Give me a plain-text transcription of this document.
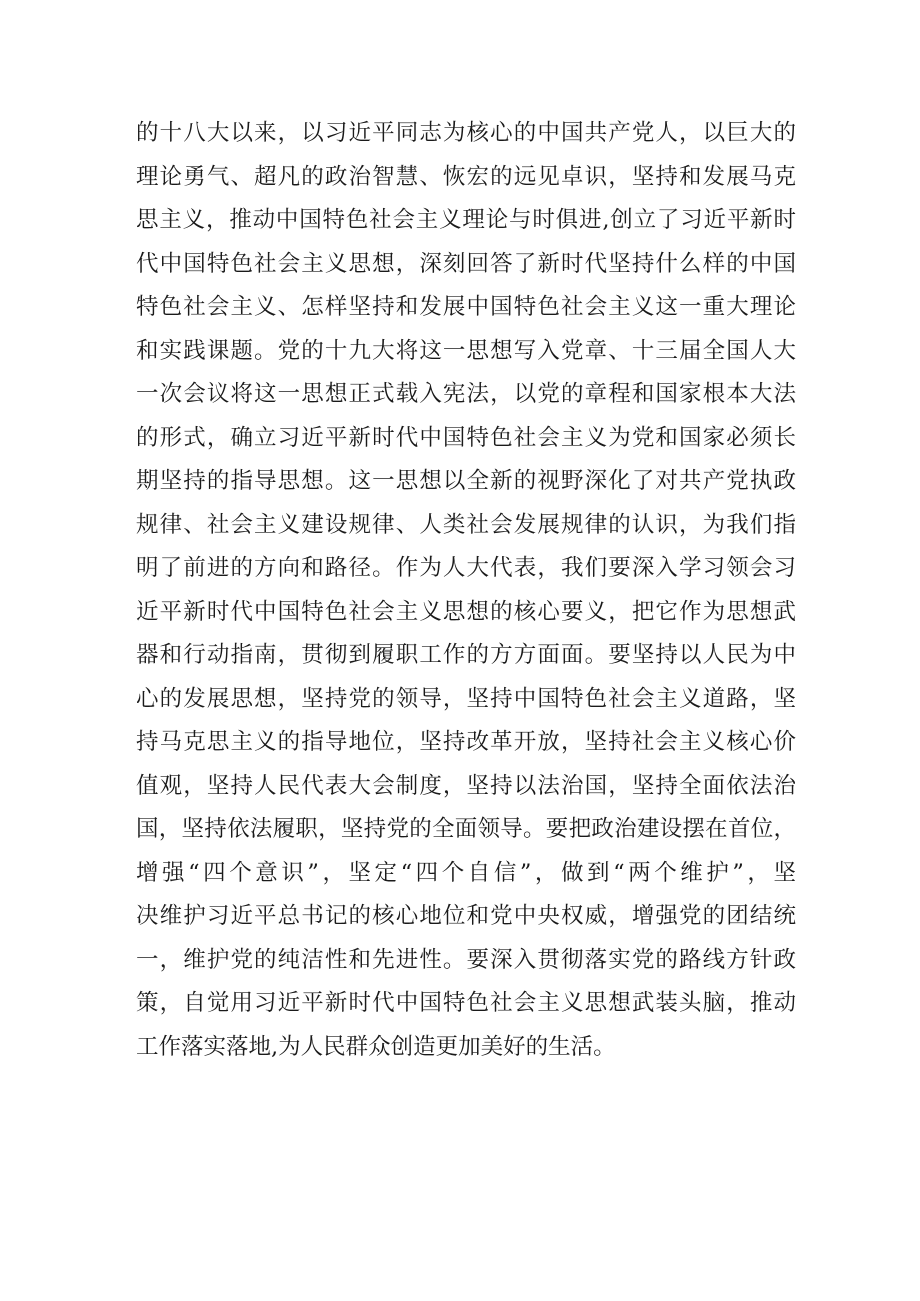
的十八大以来，以习近平同志为核心的中国共产党人，以巨大的
理论勇气、超凡的政治智慧、恢宏的远见卓识，坚持和发展马克
思主义，推动中国特色社会主义理论与时俱进,创立了习近平新时
代中国特色社会主义思想，深刻回答了新时代坚持什么样的中国
特色社会主义、怎样坚持和发展中国特色社会主义这一重大理论
和实践课题。党的十九大将这一思想写入党章、十三届全国人大
一次会议将这一思想正式载入宪法，以党的章程和国家根本大法
的形式，确立习近平新时代中国特色社会主义为党和国家必须长
期坚持的指导思想。这一思想以全新的视野深化了对共产党执政
规律、社会主义建设规律、人类社会发展规律的认识，为我们指
明了前进的方向和路径。作为人大代表，我们要深入学习领会习
近平新时代中国特色社会主义思想的核心要义，把它作为思想武
器和行动指南，贯彻到履职工作的方方面面。要坚持以人民为中
心的发展思想，坚持党的领导，坚持中国特色社会主义道路，坚
持马克思主义的指导地位，坚持改革开放，坚持社会主义核心价
值观，坚持人民代表大会制度，坚持以法治国，坚持全面依法治
国，坚持依法履职，坚持党的全面领导。要把政治建设摆在首位，
增强“四个意识”，坚定“四个自信”，做到“两个维护”，坚
决维护习近平总书记的核心地位和党中央权威，增强党的团结统
一，维护党的纯洁性和先进性。要深入贯彻落实党的路线方针政
策，自觉用习近平新时代中国特色社会主义思想武装头脑，推动
工作落实落地,为人民群众创造更加美好的生活。
